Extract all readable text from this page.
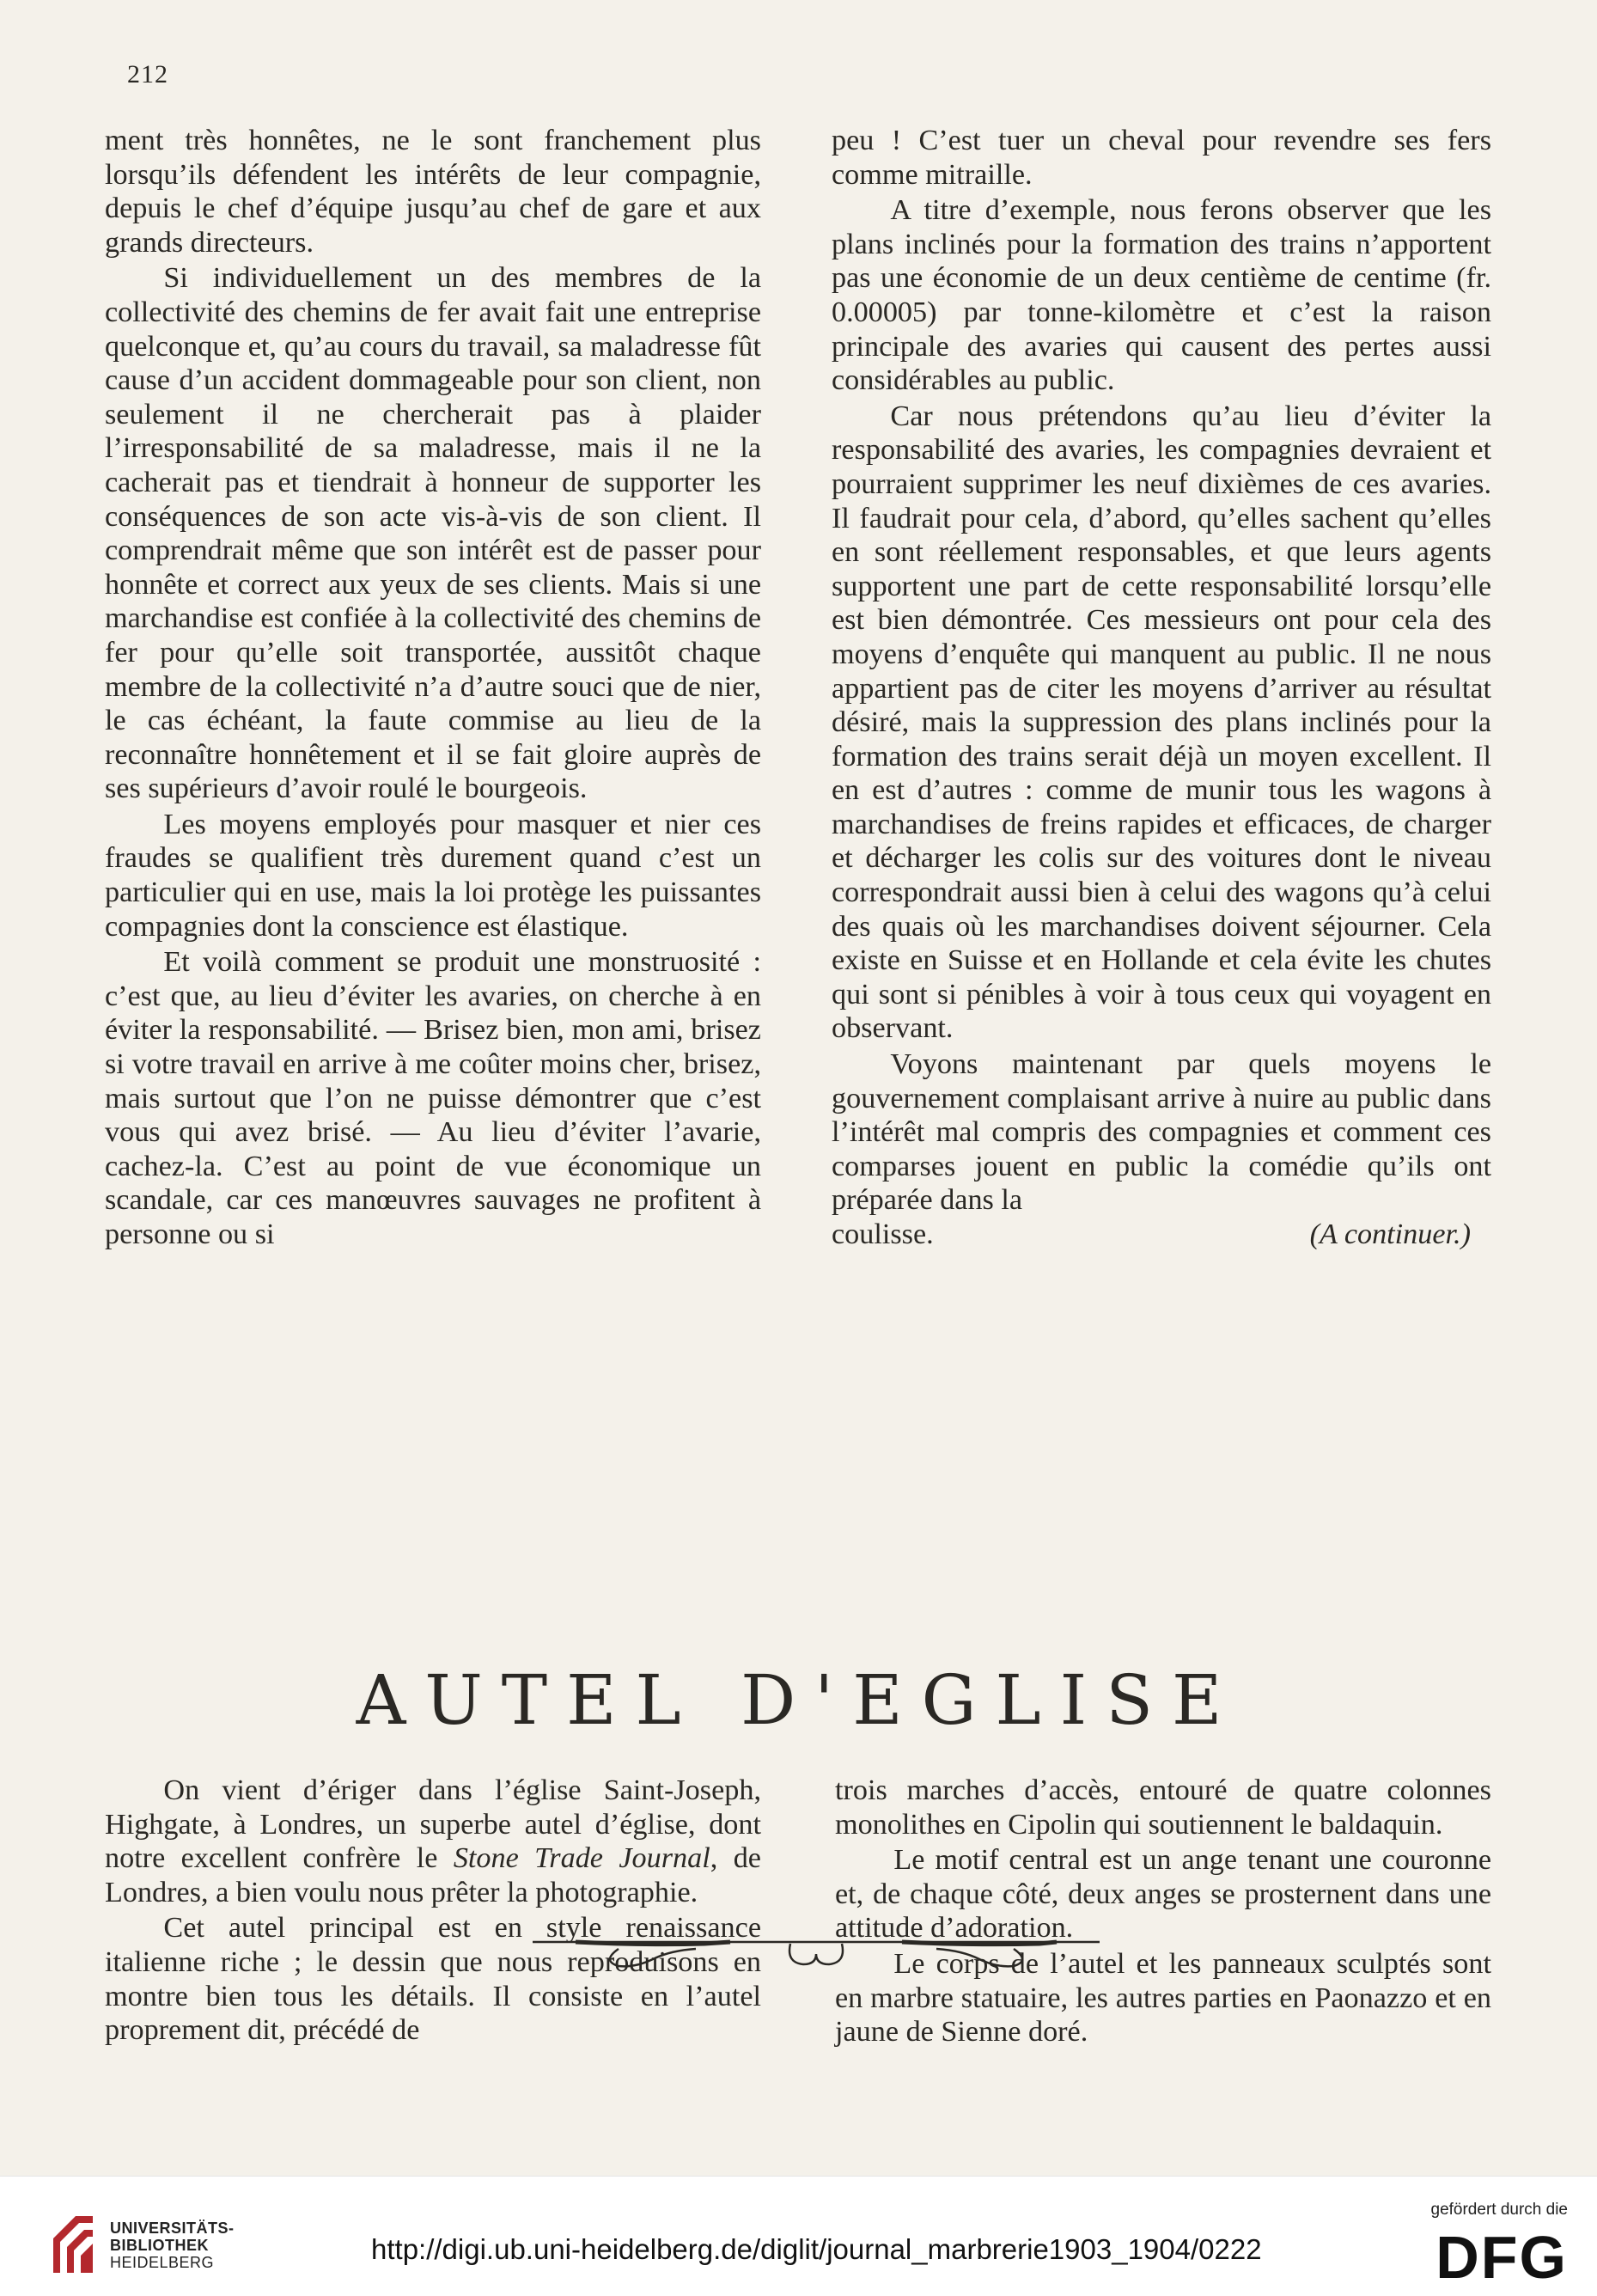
212

ment très honnêtes, ne le sont franchement plus lorsqu’ils défendent les intérêts de leur compagnie, depuis le chef d’équipe jusqu’au chef de gare et aux grands directeurs.

Si individuellement un des membres de la collectivité des chemins de fer avait fait une entreprise quelconque et, qu’au cours du travail, sa maladresse fût cause d’un accident dommageable pour son client, non seulement il ne chercherait pas à plaider l’irresponsabilité de sa maladresse, mais il ne la cacherait pas et tiendrait à honneur de supporter les conséquences de son acte vis-à-vis de son client. Il comprendrait même que son intérêt est de passer pour honnête et correct aux yeux de ses clients. Mais si une marchandise est confiée à la collectivité des chemins de fer pour qu’elle soit transportée, aussitôt chaque membre de la collectivité n’a d’autre souci que de nier, le cas échéant, la faute commise au lieu de la reconnaître honnêtement et il se fait gloire auprès de ses supérieurs d’avoir roulé le bourgeois.

Les moyens employés pour masquer et nier ces fraudes se qualifient très durement quand c’est un particulier qui en use, mais la loi protège les puissantes compagnies dont la conscience est élastique.

Et voilà comment se produit une monstruosité : c’est que, au lieu d’éviter les avaries, on cherche à en éviter la responsabilité. — Brisez bien, mon ami, brisez si votre travail en arrive à me coûter moins cher, brisez, mais surtout que l’on ne puisse démontrer que c’est vous qui avez brisé. — Au lieu d’éviter l’avarie, cachez-la. C’est au point de vue économique un scandale, car ces manœuvres sauvages ne profitent à personne ou si

peu ! C’est tuer un cheval pour revendre ses fers comme mitraille.

A titre d’exemple, nous ferons observer que les plans inclinés pour la formation des trains n’apportent pas une économie de un deux centième de centime (fr. 0.00005) par tonne-kilomètre et c’est la raison principale des avaries qui causent des pertes aussi considérables au public.

Car nous prétendons qu’au lieu d’éviter la responsabilité des avaries, les compagnies devraient et pourraient supprimer les neuf dixièmes de ces avaries. Il faudrait pour cela, d’abord, qu’elles sachent qu’elles en sont réellement responsables, et que leurs agents supportent une part de cette responsabilité lorsqu’elle est bien démontrée. Ces messieurs ont pour cela des moyens d’enquête qui manquent au public. Il ne nous appartient pas de citer les moyens d’arriver au résultat désiré, mais la suppression des plans inclinés pour la formation des trains serait déjà un moyen excellent. Il en est d’autres : comme de munir tous les wagons à marchandises de freins rapides et efficaces, de charger et décharger les colis sur des voitures dont le niveau correspondrait aussi bien à celui des wagons qu’à celui des quais où les marchandises doivent séjourner. Cela existe en Suisse et en Hollande et cela évite les chutes qui sont si pénibles à voir à tous ceux qui voyagent en observant.

Voyons maintenant par quels moyens le gouvernement complaisant arrive à nuire au public dans l’intérêt mal compris des compagnies et comment ces comparses jouent en public la comédie qu’ils ont préparée dans la

coulisse.	(A continuer.)
AUTEL D'EGLISE

On vient d’ériger dans l’église Saint-Joseph, Highgate, à Londres, un superbe autel d’église, dont notre excellent confrère le Stone Trade Journal, de Londres, a bien voulu nous prêter la photographie.

Cet autel principal est en style renaissance italienne riche ; le dessin que nous reproduisons en montre bien tous les détails. Il consiste en l’autel proprement dit, précédé de

trois marches d’accès, entouré de quatre colonnes monolithes en Cipolin qui soutiennent le baldaquin.

Le motif central est un ange tenant une couronne et, de chaque côté, deux anges se prosternent dans une attitude d’adoration.

Le corps de l’autel et les panneaux sculptés sont en marbre statuaire, les autres parties en Paonazzo et en jaune de Sienne doré.

UNIVERSITÄTS-
BIBLIOTHEK
HEIDELBERG	http://digi.ub.uni-heidelberg.de/diglit/journal_marbrerie1903_1904/0222
gefördert durch die
DFG
